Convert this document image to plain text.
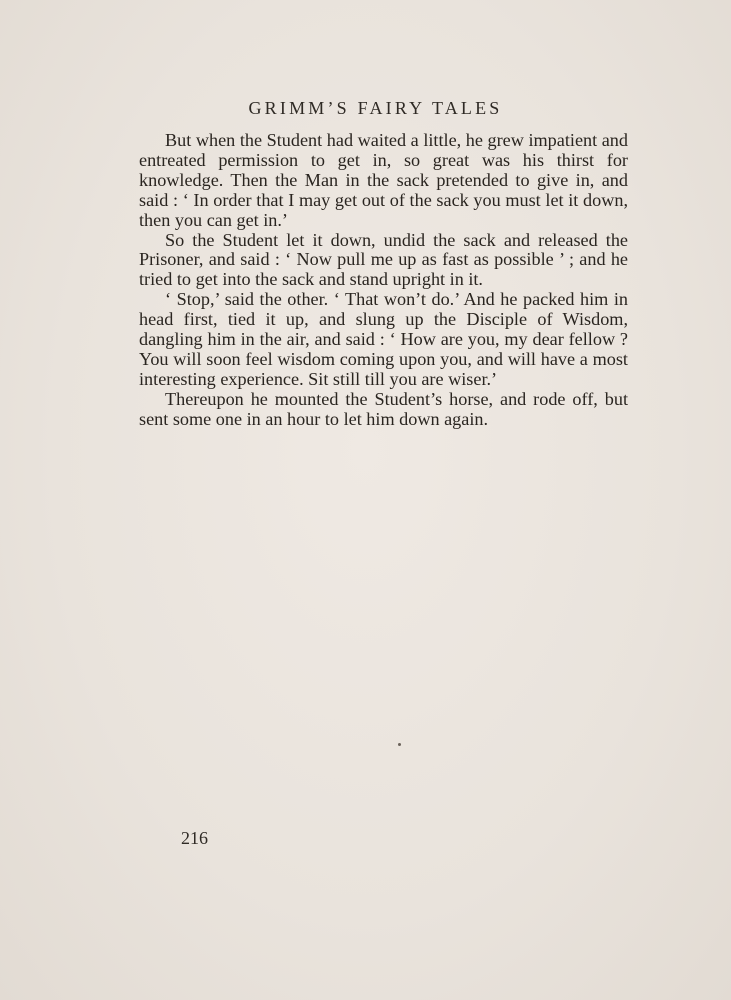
GRIMM’S FAIRY TALES

But when the Student had waited a little, he grew impatient and entreated permission to get in, so great was his thirst for knowledge. Then the Man in the sack pretended to give in, and said : ‘ In order that I may get out of the sack you must let it down, then you can get in.’

So the Student let it down, undid the sack and released the Prisoner, and said : ‘ Now pull me up as fast as possible ’ ; and he tried to get into the sack and stand upright in it.

‘ Stop,’ said the other. ‘ That won’t do.’ And he packed him in head first, tied it up, and slung up the Disciple of Wisdom, dangling him in the air, and said : ‘ How are you, my dear fellow ? You will soon feel wisdom coming upon you, and will have a most interesting experience. Sit still till you are wiser.’

Thereupon he mounted the Student’s horse, and rode off, but sent some one in an hour to let him down again.

216
